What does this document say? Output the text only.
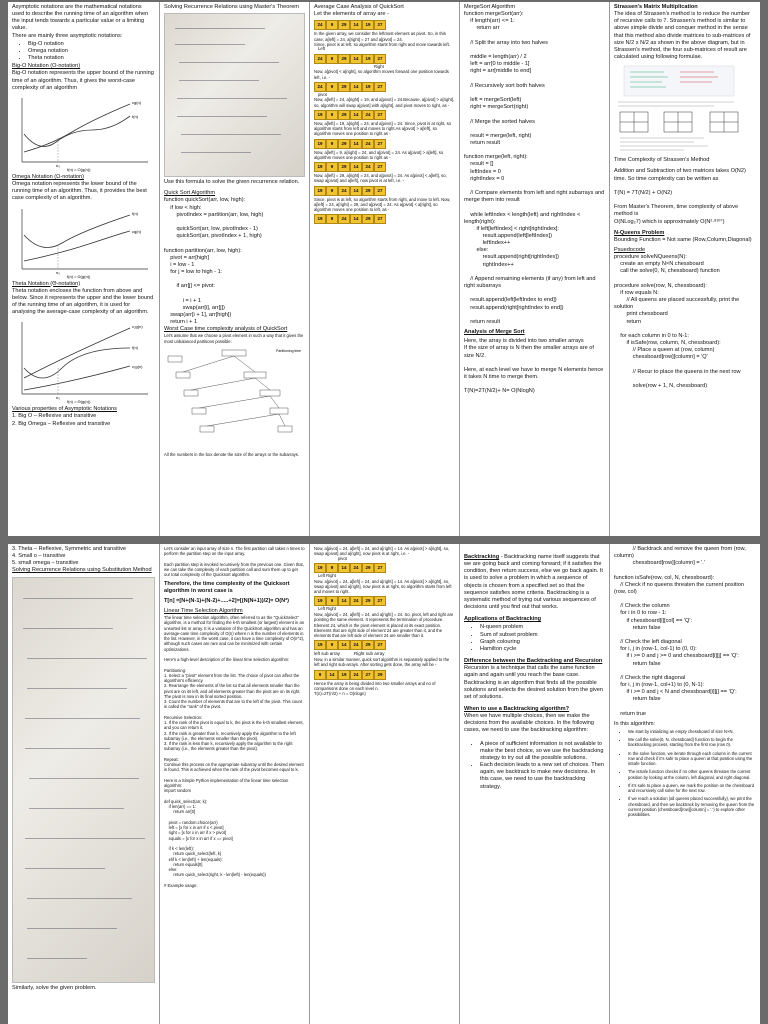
Asymptotic notations are the mathematical notations used to describe the running time of an algorithm when the input tends towards a particular value or a limiting value.
There are mainly three asymptotic notations:
• Big-O notation
• Omega notation
• Theta notation
Big-O Notation (O-notation)
Big-O notation represents the upper bound of the running time of an algorithm. Thus, it gives the worst-case complexity of an algorithm
cg(n)
f(n)
n₀
f(n) = O(g(n))
Omega Notation (Ω-notation)
Omega notation represents the lower bound of the running time of an algorithm. Thus, it provides the best case complexity of an algorithm.
f(n)
cg(n)
n₀
f(n) = Ω(g(n))
Theta Notation (Θ-notation)
Theta notation encloses the function from above and below. Since it represents the upper and the lower bound of the running time of an algorithm, it is used for analysing the average-case complexity of an algorithm.
c₂g(n)
f(n)
c₁g(n)
n₀
f(n) = Θ(g(n))
Various properties of Asymptotic Notations
1. Big O – Reflexive and transitive
2. Big Omega – Reflexive and transitive
Solving Recurrence Relations using Master's Theorem
Use this formula to solve the given recurrence relation.
Quick Sort Algorithm
function quickSort(arr, low, high):
if low < high:
pivotIndex = partition(arr, low, high)

quickSort(arr, low, pivotIndex - 1)
quickSort(arr, pivotIndex + 1, high)

function partition(arr, low, high):
pivot = arr[high]
i = low - 1
for j = low to high - 1:

if arr[j] <= pivot:

i = i + 1
swap(arr[i], arr[j])
swap(arr[i + 1], arr[high])
return i + 1
Worst Case time complexity analysis of QuickSort
Let's assume that we choose a pivot element in such a way that it gives the most unbalanced partitions possible:
Partitioning time
All the numbers in the box denote the size of the arrays or the subarrays.
Average Case Analysis of QuickSort
Let the elements of array are -
24	9	29	14	19	27
In the given array, we consider the leftmost element as pivot. So, in this case, a[left] = 24, a[right] = 27 and a[pivot] = 24.
Since, pivot is at left, so algorithm starts from right and move towards left.
Left
24	9	29	14	19	27
Right
Now, a[pivot] < a[right], so algorithm moves forward one position towards left, i.e. -
24	9	29	14	19	27
pivot
Now, a[left] = 24, a[right] = 19, and a[pivot] = 24.Because, a[pivot] > a[right], so, algorithm will swap a[pivot] with a[right], and pivot moves to right, as -
19	9	29	14	24	27
Now, a[left] = 19, a[right] = 24, and a[pivot] = 24. Since, pivot is at right, so algorithm starts from left and moves to right.As a[pivot] > a[left], so algorithm moves one position to right as -
19	9	29	14	24	27
Now, a[left] = 9, a[right] = 24, and a[pivot] = 24. As a[pivot] > a[left], so algorithm moves one position to right as -
19	9	29	14	24	27
Now, a[left] = 29, a[right] = 24, and a[pivot] = 24. As a[pivot] < a[left], so, swap a[pivot] and a[left], now pivot is at left, i.e. -
19	9	24	14	29	27
Since, pivot is at left, so algorithm starts from right, and move to left. Now, a[left] = 24, a[right] = 29, and a[pivot] = 24. As a[pivot] < a[right], so algorithm moves one position to left, as -
19	9	24	14	29	27
MergeSort Algorithm
function mergeSort(arr):
if length(arr) <= 1:
return arr

// Split the array into two halves

middle = length(arr) / 2
left = arr[0 to middle - 1]
right = arr[middle to end]

// Recursively sort both halves

left = mergeSort(left)
right = mergeSort(right)

// Merge the sorted halves

result = merge(left, right)
return result

function merge(left, right):
result = []
leftIndex = 0
rightIndex = 0

// Compare elements from left and right subarrays and merge them into result

while leftIndex < length(left) and rightIndex < length(right):
if left[leftIndex] < right[rightIndex]:
result.append(left[leftIndex])
leftIndex++
else:
result.append(right[rightIndex])
rightIndex++

// Append remaining elements (if any) from left and right subarrays

result.append(left[leftIndex to end])
result.append(right[rightIndex to end])

return result
Analysis of Merge Sort
Here, the array is divided into two smaller arrays
If the size of array is N then the smaller arrays are of size N/2.

Here, at each level we have to merge N elements hence it takes N time to merge them.

T(N)=2T(N/2)+ N= O(NlogN)
Strassen's Matrix Multiplication
The idea of Strassen's method is to reduce the number of recursive calls to 7. Strassen's method is similar to above simple divide and conquer method in the sense that this method also divide matrices to sub-matrices of size N/2 x N/2 as shown in the above diagram, but in Strassen's method, the four sub-matrices of result are calculated using following formulae.
Time Complexity of Strassen's Method
Addition and Subtraction of two matrices takes O(N2) time. So time complexity can be written as

T(N) = 7T(N/2) + O(N2)

From Master's Theorem, time complexity of above method is
O(NLog₂7) which is approximately O(N²·⁸¹⁰⁷)
N-Queens Problem
Bounding Function = Not same (Row,Column,Diagonal)
Psuedocode
procedure solveNQueens(N):
create an empty N×N chessboard
call the solve(0, N, chessboard) function

procedure solve(row, N, chessboard):
if row equals N:
// All queens are placed successfully, print the solution
print chessboard
return

for each column in 0 to N-1:
if isSafe(row, column, N, chessboard):
// Place a queen at (row, column)
chessboard[row][column] = 'Q'

// Recur to place the queens in the next row

solve(row + 1, N, chessboard)
3. Theta – Reflexive, Symmetric and transitive
4. Small o – transitive
5. small omega – transitive
Solving Recurrence Relations using Substitution Method
Similarly, solve the given problem.
Let's consider an input array of size n. The first partition call takes n times to perform the partition step on the input array.

Each partition step is invoked recursively from the previous one. Given that, we can take the complexity of each partition call and sum them up to get our total complexity of the Quicksort algorithm.
Therefore, the time complexity of the Quicksort algorithm in worst case is
T[n] =[N+(N-1)+(N-2)+.....+2]=[(N(N+1))/2]= O(N²)
Linear Time Selection Algorithm
The linear time selection algorithm, often referred to as the "QuickSelect" algorithm, is a method for finding the k-th smallest (or largest) element in an unsorted list or array. It is a variation of the QuickSort algorithm and has an average-case time complexity of O(n) where n is the number of elements in the list. However, in the worst case, it can have a time complexity of O(n^2), although such cases are rare and can be minimized with certain optimizations.

Here's a high-level description of the linear time selection algorithm:

Partitioning:
1. Select a "pivot" element from the list. The choice of pivot can affect the algorithm's efficiency.
2. Rearrange the elements of the list so that all elements smaller than the pivot are on its left, and all elements greater than the pivot are on its right. The pivot is now in its final sorted position.
3. Count the number of elements that are to the left of the pivot. This count is called the "rank" of the pivot.

Recursive Selection:
1. If the rank of the pivot is equal to k, the pivot is the k-th smallest element, and you can return it.
2. If the rank is greater than k, recursively apply the algorithm to the left subarray (i.e., the elements smaller than the pivot).
3. If the rank is less than k, recursively apply the algorithm to the right subarray (i.e., the elements greater than the pivot).

Repeat:
Continue this process on the appropriate subarray until the desired element is found. This is achieved when the rank of the pivot becomes equal to k.

Here is a Simple Python implementation of the linear time selection algorithm:
import random

def quick_select(arr, k):
if len(arr) == 1:
return arr[0]

pivot = random.choice(arr)
left = [x for x in arr if x < pivot]
right = [x for x in arr if x > pivot]
equals = [x for x in arr if x == pivot]

if k < len(left):
return quick_select(left, k)
elif k < len(left) + len(equals):
return equals[0]
else:
return quick_select(right, k - len(left) - len(equals))

# Example usage:
Now, a[pivot] = 24, a[left] = 24, and a[right] = 14. As a[pivot] > a[right], so, swap a[pivot] and a[right], now pivot is at right, i.e. -
pivot
19	9	14	24	29	27
Left Right
Now, a[pivot] = 24, a[left] = 24, and a[right] = 14. As a[pivot] > a[right], so, swap a[pivot] and a[right], now pivot is at right, so algorithm starts from left and moves to right.
19	9	14	24	29	27
Left Right
Now, a[pivot] = 24, a[left] = 24, and a[right] = 24. So, pivot, left and right are pointing the same element. It represents the termination of procedure.
Element 24, which is the pivot element is placed at its exact position.
Elements that are right side of element 24 are greater than it, and the elements that are left side of element 24 are smaller than it.
19	9	14	24	29	27
left sub array	Right sub array
Now, in a similar manner, quick sort algorithm is separately applied to the left and right sub-arrays. After sorting gets done, the array will be -
9	14	19	24	27	29
Hence the array is being divided into two smaller arrays and no of comparisons done on each level n.
T(n)=2T(n/2) + n = O(nlogn)
Backtracking - Backtracking name itself suggests that we are going back and coming forward; if it satisfies the condition, then return success, else we go back again. It is used to solve a problem in which a sequence of objects is chosen from a specified set so that the sequence satisfies some criteria. Backtracking is a systematic method of trying out various sequences of decisions until you find out that works.
Applications of Backtracking
• N-queen problem
• Sum of subset problem
• Graph colouring
• Hamilton cycle
Difference between the Backtracking and Recursion
Recursion is a technique that calls the same function again and again until you reach the base case. Backtracking is an algorithm that finds all the possible solutions and selects the desired solution from the given set of solutions.
When to use a Backtracking algorithm?
When we have multiple choices, then we make the decisions from the available choices. In the following cases, we need to use the backtracking algorithm:
• A piece of sufficient information is not available to make the best choice, so we use the backtracking strategy to try out all the possible solutions.
• Each decision leads to a new set of choices. Then again, we backtrack to make new decisions. In this case, we need to use the backtracking strategy.
// Backtrack and remove the queen from (row, column)
chessboard[row][column] = '.'

function isSafe(row, col, N, chessboard):
// Check if no queens threaten the current position (row, col)

// Check the column
for i in 0 to row - 1:
if chessboard[i][col] == 'Q':
return false

// Check the left diagonal
for i, j in (row-1, col-1) to (0, 0):
if i >= 0 and j >= 0 and chessboard[i][j] == 'Q':
return false

// Check the right diagonal
for i, j in (row-1, col+1) to (0, N-1):
if i >= 0 and j < N and chessboard[i][j] == 'Q':
return false

return true
In this algorithm:
• We start by initializing an empty chessboard of size N×N.
• We call the solve(0, N, chessboard) function to begin the backtracking process, starting from the first row (row 0).
• In the solve function, we iterate through each column in the current row and check if it's safe to place a queen at that position using the isSafe function.
• The isSafe function checks if no other queens threaten the current position by looking at the column, left diagonal, and right diagonal.
• If it's safe to place a queen, we mark the position on the chessboard and recursively call solve for the next row.
• If we reach a solution (all queens placed successfully), we print the chessboard, and then we backtrack by removing the queen from the current position (chessboard[row][column] = '.') to explore other possibilities.
